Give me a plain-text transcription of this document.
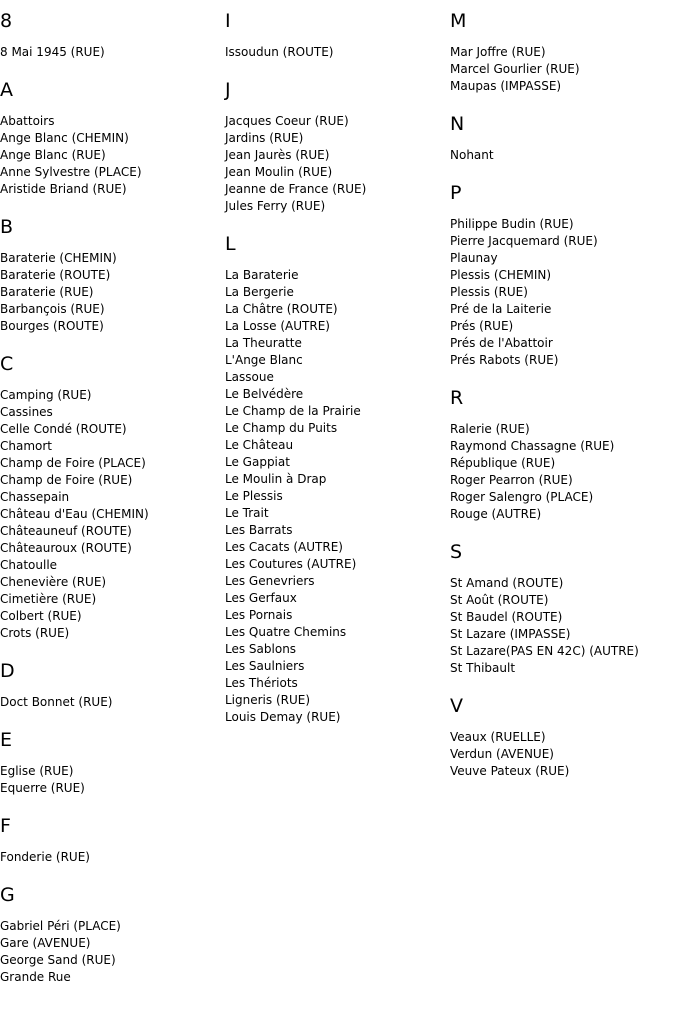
8
8 Mai 1945 (RUE)
A
Abattoirs
Ange Blanc (CHEMIN)
Ange Blanc (RUE)
Anne Sylvestre (PLACE)
Aristide Briand (RUE)
B
Baraterie (CHEMIN)
Baraterie (ROUTE)
Baraterie (RUE)
Barbançois (RUE)
Bourges (ROUTE)
C
Camping (RUE)
Cassines
Celle Condé (ROUTE)
Chamort
Champ de Foire (PLACE)
Champ de Foire (RUE)
Chassepain
Château d'Eau (CHEMIN)
Châteauneuf (ROUTE)
Châteauroux (ROUTE)
Chatoulle
Chenevière (RUE)
Cimetière (RUE)
Colbert (RUE)
Crots (RUE)
D
Doct Bonnet (RUE)
E
Eglise (RUE)
Equerre (RUE)
F
Fonderie (RUE)
G
Gabriel Péri (PLACE)
Gare (AVENUE)
George Sand (RUE)
Grande Rue
I
Issoudun (ROUTE)
J
Jacques Coeur (RUE)
Jardins (RUE)
Jean Jaurès (RUE)
Jean Moulin (RUE)
Jeanne de France (RUE)
Jules Ferry (RUE)
L
La Baraterie
La Bergerie
La Châtre (ROUTE)
La Losse (AUTRE)
La Theuratte
L'Ange Blanc
Lassoue
Le Belvédère
Le Champ de la Prairie
Le Champ du Puits
Le Château
Le Gappiat
Le Moulin à Drap
Le Plessis
Le Trait
Les Barrats
Les Cacats (AUTRE)
Les Coutures (AUTRE)
Les Genevriers
Les Gerfaux
Les Pornais
Les Quatre Chemins
Les Sablons
Les Saulniers
Les Thériots
Ligneris (RUE)
Louis Demay (RUE)
M
Mar Joffre (RUE)
Marcel Gourlier (RUE)
Maupas (IMPASSE)
N
Nohant
P
Philippe Budin (RUE)
Pierre Jacquemard (RUE)
Plaunay
Plessis (CHEMIN)
Plessis (RUE)
Pré de la Laiterie
Prés (RUE)
Prés de l'Abattoir
Prés Rabots (RUE)
R
Ralerie (RUE)
Raymond Chassagne (RUE)
République (RUE)
Roger Pearron (RUE)
Roger Salengro (PLACE)
Rouge (AUTRE)
S
St Amand (ROUTE)
St Août (ROUTE)
St Baudel (ROUTE)
St Lazare (IMPASSE)
St Lazare(PAS EN 42C) (AUTRE)
St Thibault
V
Veaux (RUELLE)
Verdun (AVENUE)
Veuve Pateux (RUE)
